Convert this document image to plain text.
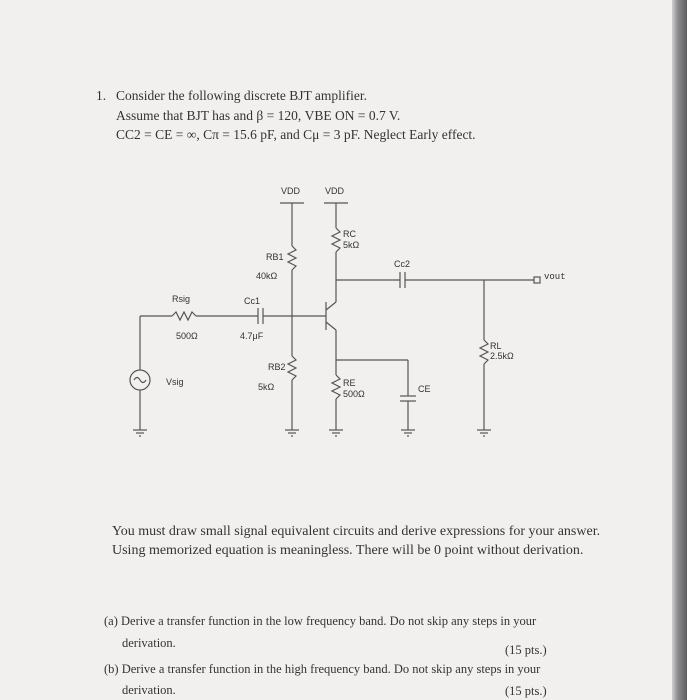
1. Consider the following discrete BJT amplifier.
Assume that BJT has and β = 120, VBE ON = 0.7 V.
CC2 = CE = ∞, Cπ = 15.6 pF, and Cμ = 3 pF. Neglect Early effect.
VDD	VDD
RC
5kΩ
RB1
40kΩ
Cc2
vout
Rsig
500Ω
Cc1
4.7μF
RL
2.5kΩ
RB2
5kΩ
Vsig	RE
500Ω	CE
You must draw small signal equivalent circuits and derive expressions for your answer. Using memorized equation is meaningless. There will be 0 point without derivation.
(a) Derive a transfer function in the low frequency band. Do not skip any steps in your
derivation.	(15 pts.)
(b) Derive a transfer function in the high frequency band. Do not skip any steps in your
derivation.	(15 pts.)
